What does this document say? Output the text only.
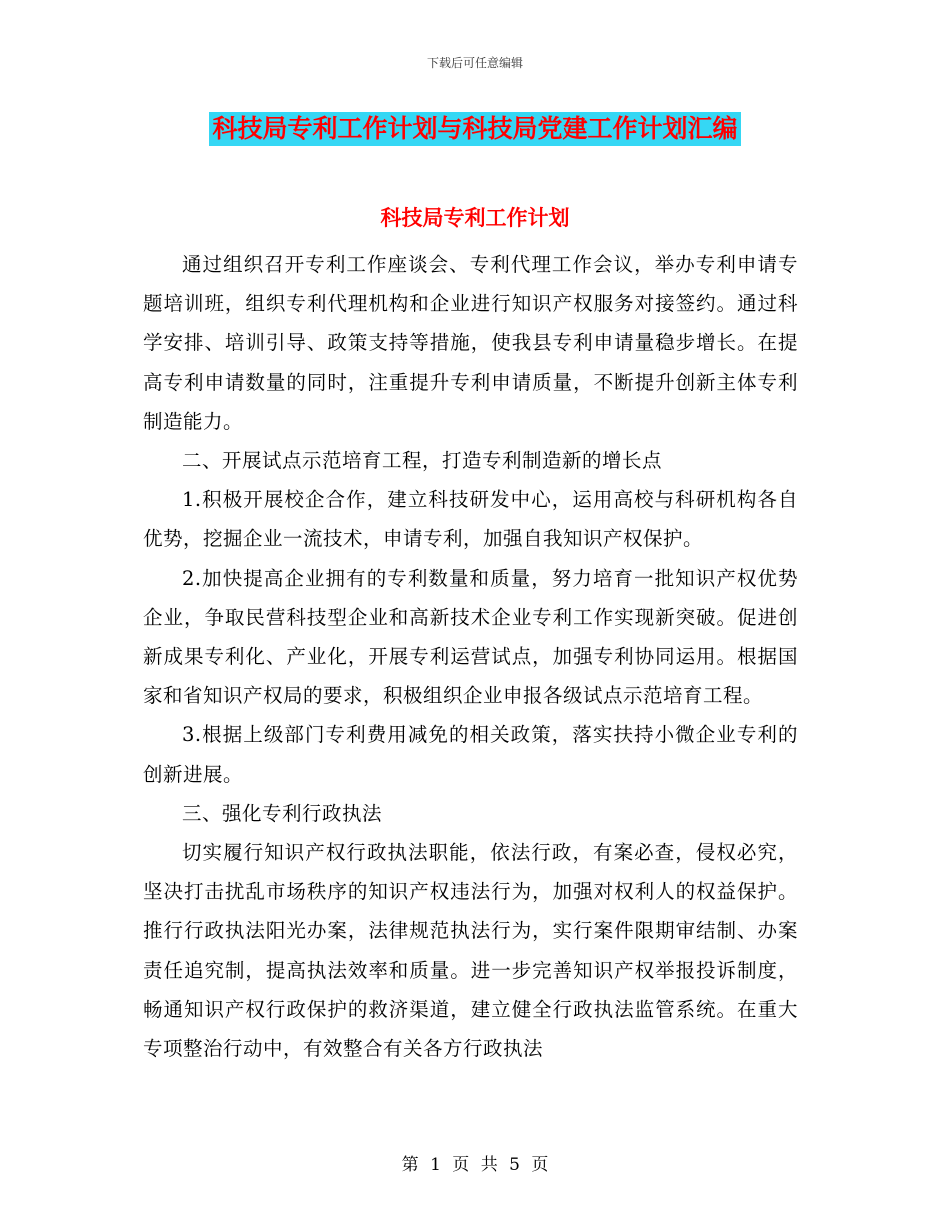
下载后可任意编辑
科技局专利工作计划与科技局党建工作计划汇编
科技局专利工作计划

通过组织召开专利工作座谈会、专利代理工作会议，举办专利申请专题培训班，组织专利代理机构和企业进行知识产权服务对接签约。通过科学安排、培训引导、政策支持等措施，使我县专利申请量稳步增长。在提高专利申请数量的同时，注重提升专利申请质量，不断提升创新主体专利制造能力。

二、开展试点示范培育工程，打造专利制造新的增长点

1.积极开展校企合作，建立科技研发中心，运用高校与科研机构各自优势，挖掘企业一流技术，申请专利，加强自我知识产权保护。

2.加快提高企业拥有的专利数量和质量，努力培育一批知识产权优势企业，争取民营科技型企业和高新技术企业专利工作实现新突破。促进创新成果专利化、产业化，开展专利运营试点，加强专利协同运用。根据国家和省知识产权局的要求，积极组织企业申报各级试点示范培育工程。

3.根据上级部门专利费用减免的相关政策，落实扶持小微企业专利的创新进展。

三、强化专利行政执法

切实履行知识产权行政执法职能，依法行政，有案必查，侵权必究，坚决打击扰乱市场秩序的知识产权违法行为，加强对权利人的权益保护。推行行政执法阳光办案，法律规范执法行为，实行案件限期审结制、办案责任追究制，提高执法效率和质量。进一步完善知识产权举报投诉制度，畅通知识产权行政保护的救济渠道，建立健全行政执法监管系统。在重大专项整治行动中，有效整合有关各方行政执法

第 1 页 共 5 页
